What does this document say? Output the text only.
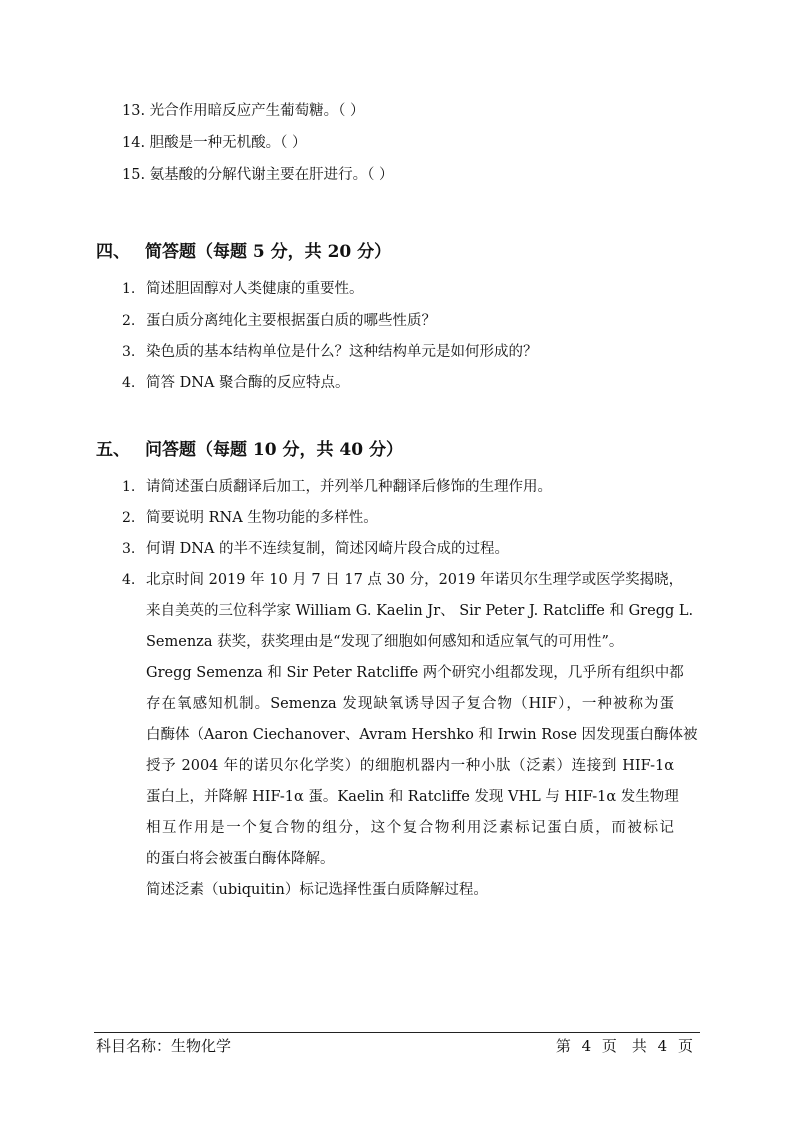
13. 光合作用暗反应产生葡萄糖。（ ）
14. 胆酸是一种无机酸。（ ）
15. 氨基酸的分解代谢主要在肝进行。（ ）
四、 简答题（每题 5 分，共 20 分）
1. 简述胆固醇对人类健康的重要性。
2. 蛋白质分离纯化主要根据蛋白质的哪些性质？
3. 染色质的基本结构单位是什么？这种结构单元是如何形成的？
4. 简答 DNA 聚合酶的反应特点。
五、 问答题（每题 10 分，共 40 分）
1. 请简述蛋白质翻译后加工，并列举几种翻译后修饰的生理作用。
2. 简要说明 RNA 生物功能的多样性。
3. 何谓 DNA 的半不连续复制，简述冈崎片段合成的过程。
4. 北京时间 2019 年 10 月 7 日 17 点 30 分，2019 年诺贝尔生理学或医学奖揭晓，
来自美英的三位科学家 William G. Kaelin Jr、 Sir Peter J. Ratcliffe 和 Gregg L.
Semenza 获奖，获奖理由是“发现了细胞如何感知和适应氧气的可用性”。
Gregg Semenza 和 Sir Peter Ratcliffe 两个研究小组都发现，几乎所有组织中都
存在氧感知机制。Semenza 发现缺氧诱导因子复合物（HIF），一种被称为蛋
白酶体（Aaron Ciechanover、Avram Hershko 和 Irwin Rose 因发现蛋白酶体被
授予 2004 年的诺贝尔化学奖）的细胞机器内一种小肽（泛素）连接到 HIF-1α
蛋白上，并降解 HIF-1α 蛋。Kaelin 和 Ratcliffe 发现 VHL 与 HIF-1α 发生物理
相互作用是一个复合物的组分，这个复合物利用泛素标记蛋白质，而被标记
的蛋白将会被蛋白酶体降解。
简述泛素（ubiquitin）标记选择性蛋白质降解过程。
科目名称：生物化学	第 4 页　共 4 页
